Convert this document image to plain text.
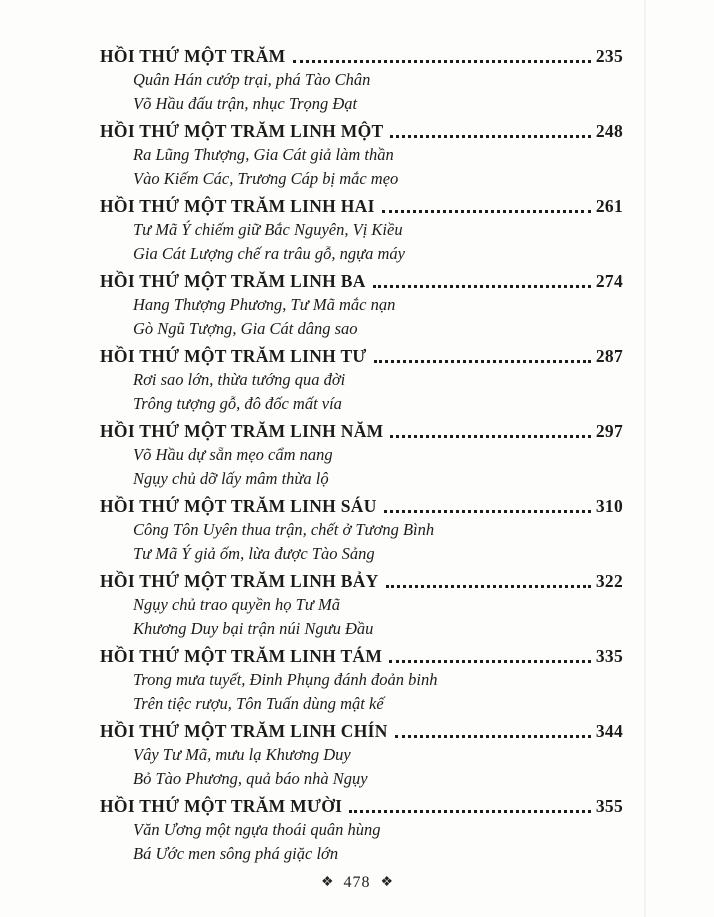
HỒI THỨ MỘT TRĂM	235
Quân Hán cướp trại, phá Tào Chân
Võ Hầu đấu trận, nhục Trọng Đạt
HỒI THỨ MỘT TRĂM LINH MỘT	248
Ra Lũng Thượng, Gia Cát giả làm thần
Vào Kiếm Các, Trương Cáp bị mắc mẹo
HỒI THỨ MỘT TRĂM LINH HAI	261
Tư Mã Ý chiếm giữ Bắc Nguyên, Vị Kiều
Gia Cát Lượng chế ra trâu gỗ, ngựa máy
HỒI THỨ MỘT TRĂM LINH BA	274
Hang Thượng Phương, Tư Mã mắc nạn
Gò Ngũ Tượng, Gia Cát dâng sao
HỒI THỨ MỘT TRĂM LINH TƯ	287
Rơi sao lớn, thừa tướng qua đời
Trông tượng gỗ, đô đốc mất vía
HỒI THỨ MỘT TRĂM LINH NĂM	297
Võ Hầu dự sẵn mẹo cẩm nang
Ngụy chủ dỡ lấy mâm thừa lộ
HỒI THỨ MỘT TRĂM LINH SÁU	310
Công Tôn Uyên thua trận, chết ở Tương Bình
Tư Mã Ý giả ốm, lừa được Tào Sảng
HỒI THỨ MỘT TRĂM LINH BẢY	322
Ngụy chủ trao quyền họ Tư Mã
Khương Duy bại trận núi Ngưu Đầu
HỒI THỨ MỘT TRĂM LINH TÁM	335
Trong mưa tuyết, Đinh Phụng đánh đoản binh
Trên tiệc rượu, Tôn Tuấn dùng mật kế
HỒI THỨ MỘT TRĂM LINH CHÍN	344
Vây Tư Mã, mưu lạ Khương Duy
Bỏ Tào Phương, quả báo nhà Ngụy
HỒI THỨ MỘT TRĂM MƯỜI	355
Văn Ương một ngựa thoái quân hùng
Bá Ước men sông phá giặc lớn
❖ 478 ❖
